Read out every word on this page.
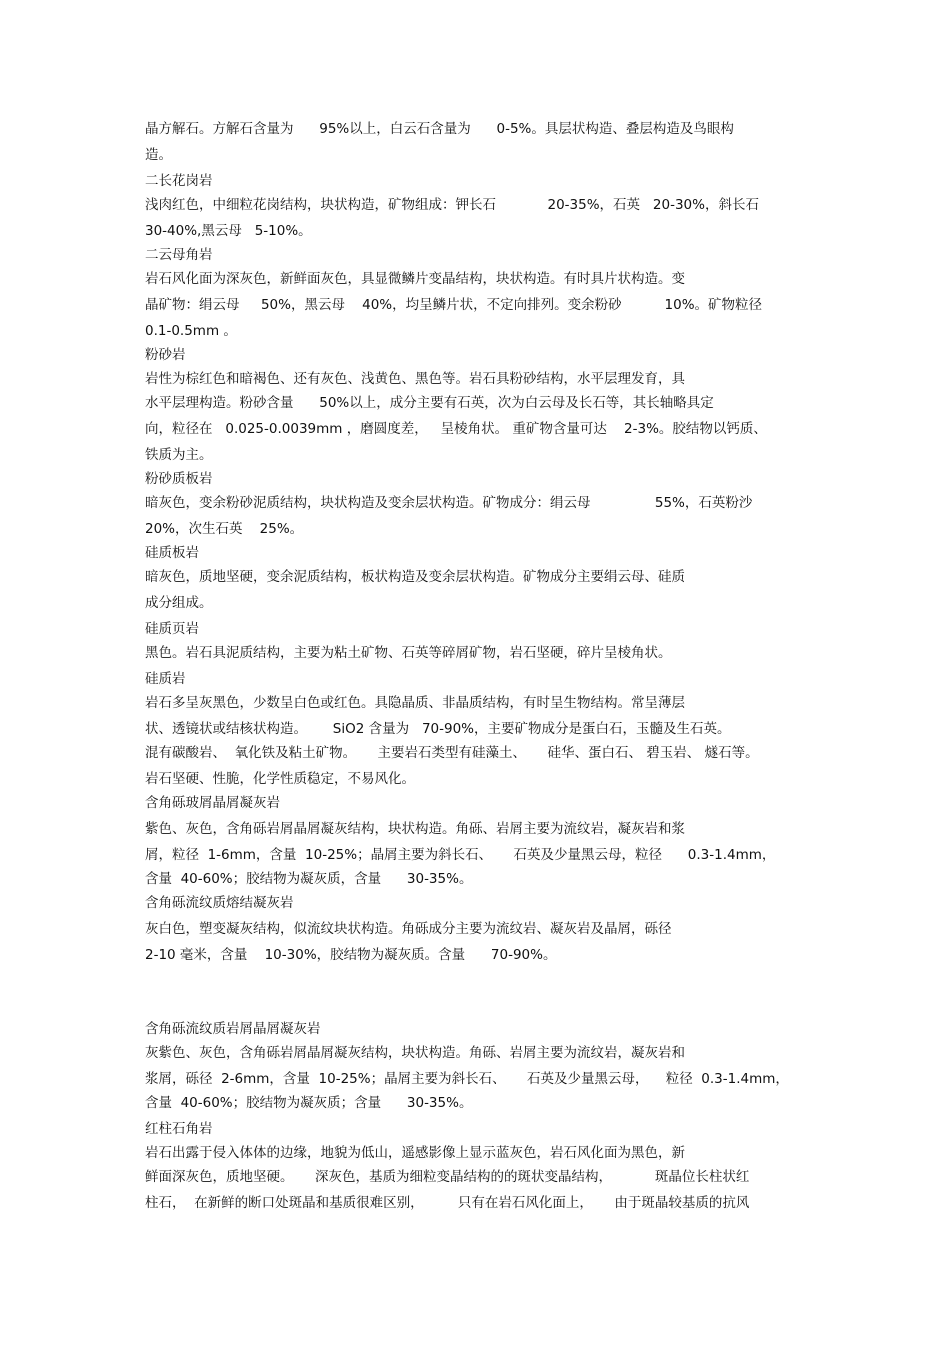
晶方解石。方解石含量为      95%以上，白云石含量为      0-5%。具层状构造、叠层构造及鸟眼构
造。
二长花岗岩
浅肉红色，中细粒花岗结构，块状构造，矿物组成：钾长石            20-35%，石英   20-30%，斜长石
30-40%,黑云母   5-10%。
二云母角岩
岩石风化面为深灰色，新鲜面灰色，具显微鳞片变晶结构，块状构造。有时具片状构造。变
晶矿物：绢云母     50%，黑云母    40%，均呈鳞片状，不定向排列。变余粉砂          10%。矿物粒径
0.1-0.5mm 。
粉砂岩
岩性为棕红色和暗褐色、还有灰色、浅黄色、黑色等。岩石具粉砂结构，水平层理发育，具
水平层理构造。粉砂含量      50%以上，成分主要有石英，次为白云母及长石等，其长轴略具定
向，粒径在   0.025-0.0039mm ，磨圆度差，   呈棱角状。 重矿物含量可达    2-3%。胶结物以钙质、
铁质为主。
粉砂质板岩
暗灰色，变余粉砂泥质结构，块状构造及变余层状构造。矿物成分：绢云母               55%，石英粉沙
20%，次生石英    25%。
硅质板岩
暗灰色，质地坚硬，变余泥质结构，板状构造及变余层状构造。矿物成分主要绢云母、硅质
成分组成。
硅质页岩
黑色。岩石具泥质结构，主要为粘土矿物、石英等碎屑矿物，岩石坚硬，碎片呈棱角状。
硅质岩
岩石多呈灰黑色，少数呈白色或红色。具隐晶质、非晶质结构，有时呈生物结构。常呈薄层
状、透镜状或结核状构造。      SiO2 含量为   70-90%，主要矿物成分是蛋白石，玉髓及生石英。
混有碳酸岩、  氧化铁及粘土矿物。     主要岩石类型有硅藻土、     硅华、蛋白石、 碧玉岩、 燧石等。
岩石坚硬、性脆，化学性质稳定，不易风化。
含角砾玻屑晶屑凝灰岩
紫色、灰色，含角砾岩屑晶屑凝灰结构，块状构造。角砾、岩屑主要为流纹岩，凝灰岩和浆
屑，粒径  1-6mm，含量  10-25%；晶屑主要为斜长石、     石英及少量黑云母，粒径      0.3-1.4mm，
含量  40-60%；胶结物为凝灰质，含量      30-35%。
含角砾流纹质熔结凝灰岩
灰白色，塑变凝灰结构，似流纹块状构造。角砾成分主要为流纹岩、凝灰岩及晶屑，砾径
2-10 毫米，含量    10-30%，胶结物为凝灰质。含量      70-90%。
含角砾流纹质岩屑晶屑凝灰岩
灰紫色、灰色，含角砾岩屑晶屑凝灰结构，块状构造。角砾、岩屑主要为流纹岩，凝灰岩和
浆屑，砾径  2-6mm，含量  10-25%；晶屑主要为斜长石、     石英及少量黑云母，    粒径  0.3-1.4mm，
含量  40-60%；胶结物为凝灰质；含量      30-35%。
红柱石角岩
岩石出露于侵入体体的边缘，地貌为低山，遥感影像上显示蓝灰色，岩石风化面为黑色，新
鲜面深灰色，质地坚硬。     深灰色，基质为细粒变晶结构的的斑状变晶结构，          斑晶位长柱状红
柱石，  在新鲜的断口处斑晶和基质很难区别，        只有在岩石风化面上，     由于斑晶较基质的抗风
